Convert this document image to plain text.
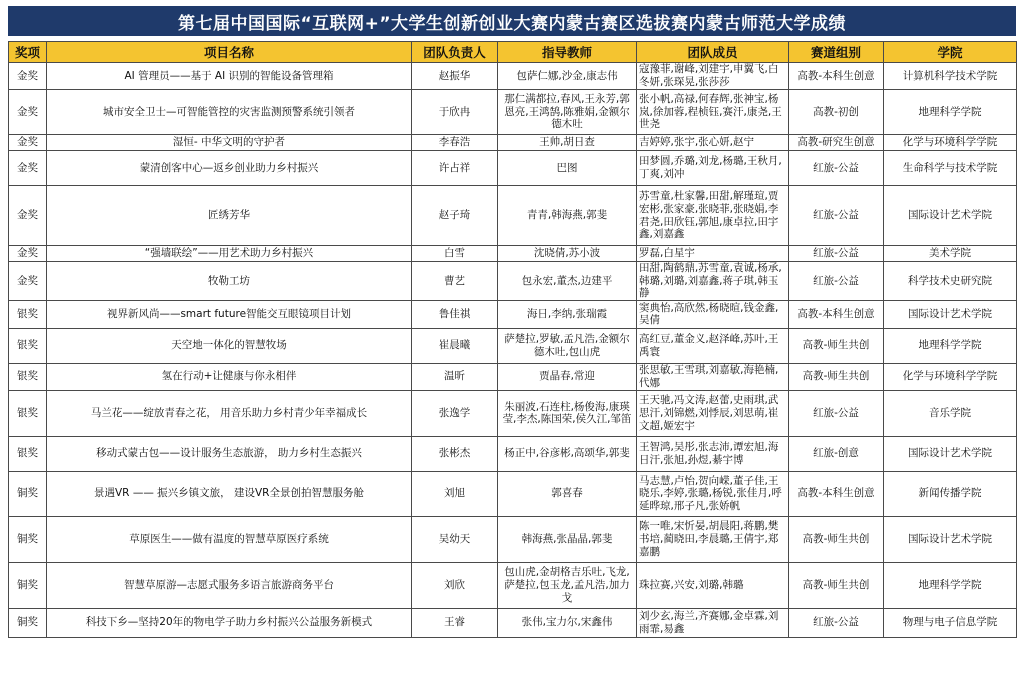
第七届中国国际“互联网+”大学生创新创业大赛内蒙古赛区选拔赛内蒙古师范大学成绩
奖项	项目名称	团队负责人	指导教师	团队成员	赛道组别	学院
金奖	AI 管理员——基于 AI 识别的智能设备管理箱	赵振华	包萨仁娜,沙金,康志伟	寇豫菲,谢峰,刘建宇,申翼飞,白冬妍,张琛晃,张莎莎	高教-本科生创意	计算机科学技术学院
金奖	城市安全卫士—可智能管控的灾害监测预警系统引领者	于欣冉	那仁满都拉,春风,王永芳,郭恩亮,王鸿鹄,陈雅娟,金额尔德木吐	张小帆,高禄,何春辉,张神宝,杨岚,徐加蓉,程桢钰,赛汗,康尧,王世尧	高教-初创	地理科学学院
金奖	湿恒- 中华文明的守护者	李春浩	王帅,胡日查	吉婷婷,张宇,张心妍,赵宁	高教-研究生创意	化学与环境科学学院
金奖	蒙清创客中心—返乡创业助力乡村振兴	许占祥	巴图	田梦圆,乔璐,刘龙,杨璐,王秋月,丁爽,刘冲	红旅-公益	生命科学与技术学院
金奖	匠绣芳华	赵子琦	青青,韩海燕,郭斐	苏雪童,杜家馨,田甜,解瑾瑄,贾宏彬,张家豪,张晓菲,张晓娟,李君尧,田欣钰,郭旭,康卓拉,田宇鑫,刘嘉鑫	红旅-公益	国际设计艺术学院
金奖	“强墙联绘”——用艺术助力乡村振兴	白雪	沈晓倩,苏小波	罗磊,白星宇	红旅-公益	美术学院
金奖	牧勒工坊	曹艺	包永宏,董杰,边建平	田甜,陶鹤鼎,苏雪童,袁诚,杨承,韩璐,刘璐,刘嘉鑫,蒋子琪,韩玉静	红旅-公益	科学技术史研究院
银奖	视界新风尚——smart future智能交互眼镜项目计划	鲁佳祺	海日,李纳,张瑞霞	窦典怡,高欣然,杨晓暄,钱金鑫,吴倩	高教-本科生创意	国际设计艺术学院
银奖	天空地一体化的智慧牧场	崔晨曦	萨楚拉,罗敏,孟凡浩,金额尔德木吐,包山虎	高红豆,董金义,赵泽峰,苏叶,王禹寰	高教-师生共创	地理科学学院
银奖	氢在行动+让健康与你永相伴	温昕	贾晶春,常迎	张思敏,王雪琪,刘嘉敏,海艳楠,代娜	高教-师生共创	化学与环境科学学院
银奖	马兰花——绽放青春之花， 用音乐助力乡村青少年幸福成长	张逸学	朱丽波,石连柱,杨俊海,康瑛莹,李杰,陈国荣,侯久江,邹笛	王天驰,冯文涛,赵蕾,史雨琪,武思汗,刘锦燃,刘悸辰,刘思萌,崔文超,姬宏宇	红旅-公益	音乐学院
银奖	移动式蒙古包——设计服务生态旅游， 助力乡村生态振兴	张彬杰	杨正中,谷彦彬,高颂华,郭斐	王智鸿,吴彤,张志沛,谭宏旭,海日汗,张旭,孙煜,綦宇博	红旅-创意	国际设计艺术学院
铜奖	景遇VR —— 振兴乡镇文旅， 建设VR全景创拍智慧服务舱	刘旭	郭喜春	马志慧,卢怡,贺向嵘,董子佳,王晓乐,李婷,张璐,杨锐,张佳月,呼延晔琼,邢子凡,张娇帆	高教-本科生创意	新闻传播学院
铜奖	草原医生——做有温度的智慧草原医疗系统	吴幼天	韩海燕,张晶晶,郭斐	陈一唯,宋忻晏,胡晨阳,蒋鹏,樊书培,蔺晓田,李晨璐,王倩宇,郑嘉鹏	高教-师生共创	国际设计艺术学院
铜奖	智慧草原游—志愿式服务多语言旅游商务平台	刘欣	包山虎,金胡格吉乐吐,飞龙,萨楚拉,包玉龙,孟凡浩,加力戈	珠拉赛,兴安,刘璐,韩璐	高教-师生共创	地理科学学院
铜奖	科技下乡—坚持20年的物电学子助力乡村振兴公益服务新模式	王睿	张伟,宝力尔,宋鑫伟	刘少玄,海兰,齐赛娜,金卓霖,刘雨霏,易鑫	红旅-公益	物理与电子信息学院
